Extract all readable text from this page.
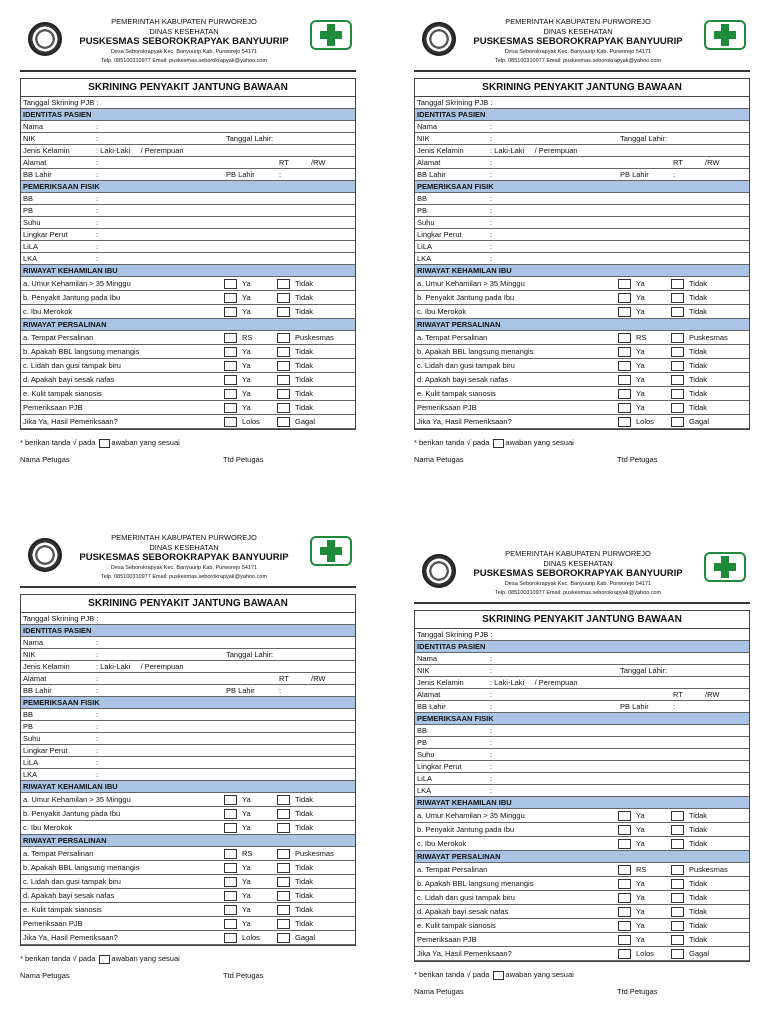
PEMERINTAH KABUPATEN PURWOREJO
DINAS KESEHATAN
PUSKESMAS SEBOROKRAPYAK BANYUURIP
Desa Seborokrapyak Kec. Banyuurip Kab. Purworejo 54171
Telp. 085100310977 Email: puskesmas.seborokrapyak@yahoo.com
SKRINING PENYAKIT JANTUNG BAWAAN
Tanggal Skrining PJB :
IDENTITAS PASIEN
Nama	:
NIK	:	Tanggal Lahir:
Jenis Kelamin	: Laki-Laki     / Perempuan
Alamat	:	RT	/RW
BB Lahir	:	PB Lahir	:
PEMERIKSAAN FISIK
BB	:
PB	:
Suhu	:
Lingkar Perut	:
LiLA	:
LKA	:
RIWAYAT KEHAMILAN IBU
a. Umur Kehamilan > 35 Minggu	Ya	Tidak
b. Penyakit Jantung pada Ibu	Ya	Tidak
c. Ibu Merokok	Ya	Tidak
RIWAYAT PERSALINAN
a. Tempat Persalinan	RS	Puskesmas
b. Apakah BBL langsung menangis	Ya	Tidak
c. Lidah dan gusi tampak biru	Ya	Tidak
d. Apakah bayi sesak nafas	Ya	Tidak
e. Kulit tampak sianosis	Ya	Tidak
Pemeriksaan PJB	Ya	Tidak
Jika Ya, Hasil Pemeriksaan?	Lolos	Gagal
* berikan tanda √ pada awaban yang sesuai
Nama Petugas	Ttd Petugas
PEMERINTAH KABUPATEN PURWOREJO
DINAS KESEHATAN
PUSKESMAS SEBOROKRAPYAK BANYUURIP
Desa Seborokrapyak Kec. Banyuurip Kab. Purworejo 54171
Telp. 085100310977 Email: puskesmas.seborokrapyak@yahoo.com
SKRINING PENYAKIT JANTUNG BAWAAN
Tanggal Skrining PJB :
IDENTITAS PASIEN
Nama	:
NIK	:	Tanggal Lahir:
Jenis Kelamin	: Laki-Laki     / Perempuan
Alamat	:	RT	/RW
BB Lahir	:	PB Lahir	:
PEMERIKSAAN FISIK
BB	:
PB	:
Suhu	:
Lingkar Perut	:
LiLA	:
LKA	:
RIWAYAT KEHAMILAN IBU
a. Umur Kehamilan > 35 Minggu	Ya	Tidak
b. Penyakit Jantung pada Ibu	Ya	Tidak
c. Ibu Merokok	Ya	Tidak
RIWAYAT PERSALINAN
a. Tempat Persalinan	RS	Puskesmas
b. Apakah BBL langsung menangis	Ya	Tidak
c. Lidah dan gusi tampak biru	Ya	Tidak
d. Apakah bayi sesak nafas	Ya	Tidak
e. Kulit tampak sianosis	Ya	Tidak
Pemeriksaan PJB	Ya	Tidak
Jika Ya, Hasil Pemeriksaan?	Lolos	Gagal
* berikan tanda √ pada awaban yang sesuai
Nama Petugas	Ttd Petugas
PEMERINTAH KABUPATEN PURWOREJO
DINAS KESEHATAN
PUSKESMAS SEBOROKRAPYAK BANYUURIP
Desa Seborokrapyak Kec. Banyuurip Kab. Purworejo 54171
Telp. 085100310977 Email: puskesmas.seborokrapyak@yahoo.com
SKRINING PENYAKIT JANTUNG BAWAAN
Tanggal Skrining PJB :
IDENTITAS PASIEN
Nama	:
NIK	:	Tanggal Lahir:
Jenis Kelamin	: Laki-Laki     / Perempuan
Alamat	:	RT	/RW
BB Lahir	:	PB Lahir	:
PEMERIKSAAN FISIK
BB	:
PB	:
Suhu	:
Lingkar Perut	:
LiLA	:
LKA	:
RIWAYAT KEHAMILAN IBU
a. Umur Kehamilan > 35 Minggu	Ya	Tidak
b. Penyakit Jantung pada Ibu	Ya	Tidak
c. Ibu Merokok	Ya	Tidak
RIWAYAT PERSALINAN
a. Tempat Persalinan	RS	Puskesmas
b. Apakah BBL langsung menangis	Ya	Tidak
c. Lidah dan gusi tampak biru	Ya	Tidak
d. Apakah bayi sesak nafas	Ya	Tidak
e. Kulit tampak sianosis	Ya	Tidak
Pemeriksaan PJB	Ya	Tidak
Jika Ya, Hasil Pemeriksaan?	Lolos	Gagal
* berikan tanda √ pada awaban yang sesuai
Nama Petugas	Ttd Petugas
PEMERINTAH KABUPATEN PURWOREJO
DINAS KESEHATAN
PUSKESMAS SEBOROKRAPYAK BANYUURIP
Desa Seborokrapyak Kec. Banyuurip Kab. Purworejo 54171
Telp. 085100310977 Email: puskesmas.seborokrapyak@yahoo.com
SKRINING PENYAKIT JANTUNG BAWAAN
Tanggal Skrining PJB :
IDENTITAS PASIEN
Nama	:
NIK	:	Tanggal Lahir:
Jenis Kelamin	: Laki-Laki     / Perempuan
Alamat	:	RT	/RW
BB Lahir	:	PB Lahir	:
PEMERIKSAAN FISIK
BB	:
PB	:
Suhu	:
Lingkar Perut	:
LiLA	:
LKA	:
RIWAYAT KEHAMILAN IBU
a. Umur Kehamilan > 35 Minggu	Ya	Tidak
b. Penyakit Jantung pada Ibu	Ya	Tidak
c. Ibu Merokok	Ya	Tidak
RIWAYAT PERSALINAN
a. Tempat Persalinan	RS	Puskesmas
b. Apakah BBL langsung menangis	Ya	Tidak
c. Lidah dan gusi tampak biru	Ya	Tidak
d. Apakah bayi sesak nafas	Ya	Tidak
e. Kulit tampak sianosis	Ya	Tidak
Pemeriksaan PJB	Ya	Tidak
Jika Ya, Hasil Pemeriksaan?	Lolos	Gagal
* berikan tanda √ pada awaban yang sesuai
Nama Petugas	Ttd Petugas
